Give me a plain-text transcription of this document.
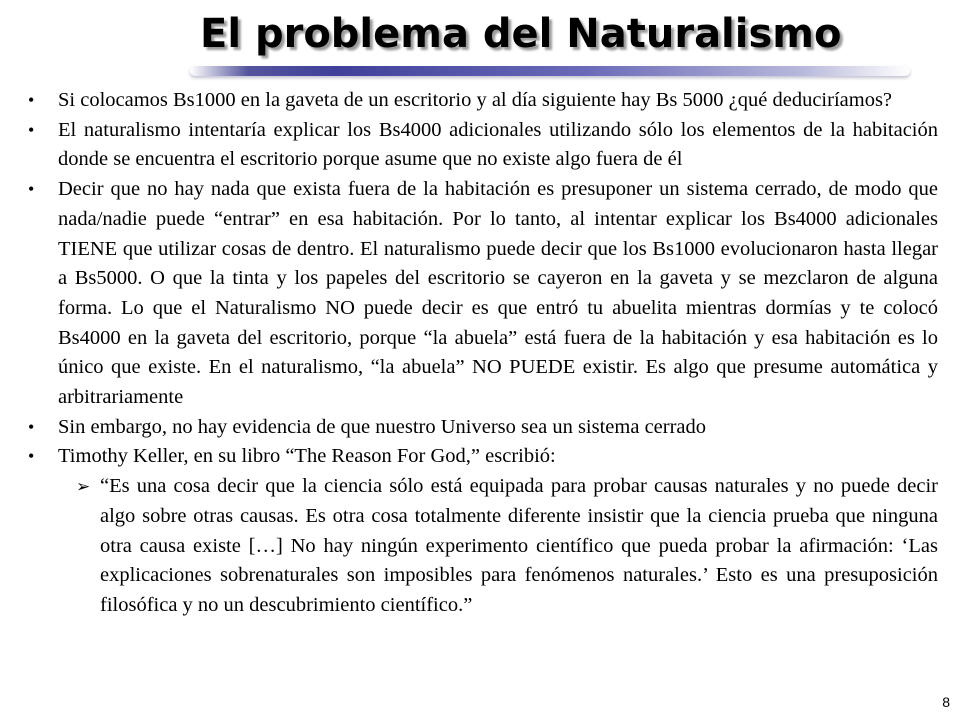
El problema del Naturalismo
•	Si colocamos Bs1000 en la gaveta de un escritorio y al día siguiente hay Bs 5000 ¿qué deduciríamos?
•	El naturalismo intentaría explicar los Bs4000 adicionales utilizando sólo los elementos de la habitación donde se encuentra el escritorio porque asume que no existe algo fuera de él
•	Decir que no hay nada que exista fuera de la habitación es presuponer un sistema cerrado, de modo que nada/nadie puede “entrar” en esa habitación. Por lo tanto, al intentar explicar los Bs4000 adicionales TIENE que utilizar cosas de dentro. El naturalismo puede decir que los Bs1000 evolucionaron hasta llegar a Bs5000. O que la tinta y los papeles del escritorio se cayeron en la gaveta y se mezclaron de alguna forma. Lo que el Naturalismo NO puede decir es que entró tu abuelita mientras dormías y te colocó Bs4000 en la gaveta del escritorio, porque “la abuela” está fuera de la habitación y esa habitación es lo único que existe. En el naturalismo, “la abuela” NO PUEDE existir. Es algo que presume automática y arbitrariamente
•	Sin embargo, no hay evidencia de que nuestro Universo sea un sistema cerrado
•	Timothy Keller, en su libro “The Reason For God,” escribió:
➢ “Es una cosa decir que la ciencia sólo está equipada para probar causas naturales y no puede decir algo sobre otras causas. Es otra cosa totalmente diferente insistir que la ciencia prueba que ninguna otra causa existe […] No hay ningún experimento científico que pueda probar la afirmación: ‘Las explicaciones sobrenaturales son imposibles para fenómenos naturales.’ Esto es una presuposición filosófica y no un descubrimiento científico.”
8
